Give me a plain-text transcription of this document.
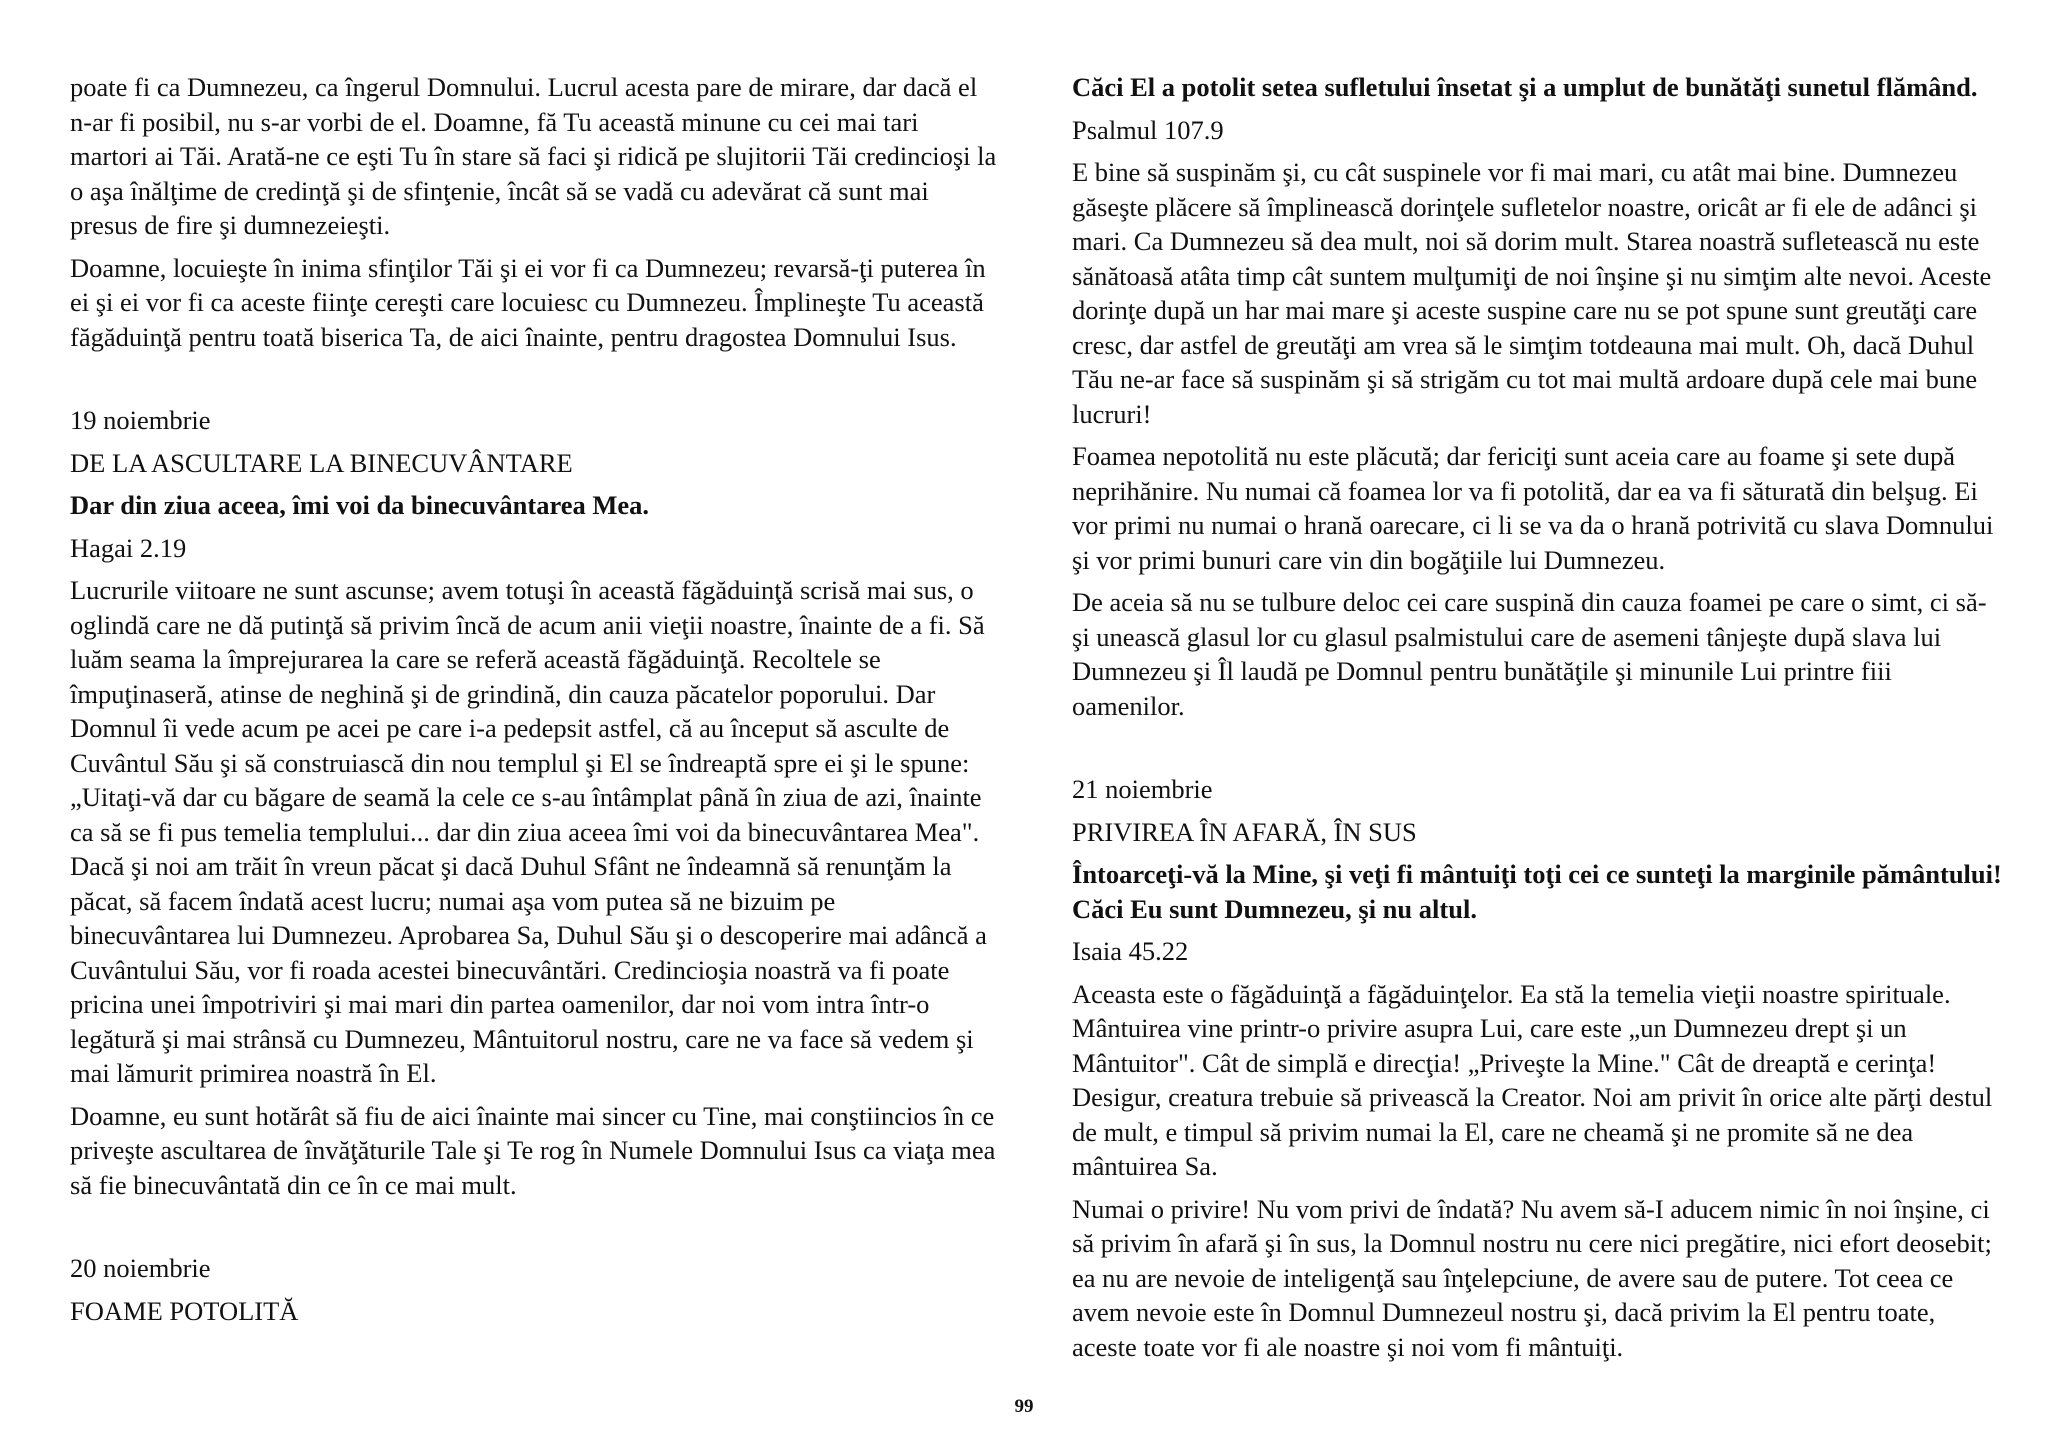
poate fi ca Dumnezeu, ca îngerul Domnului. Lucrul acesta pare de mirare, dar dacă el n-ar fi posibil, nu s-ar vorbi de el. Doamne, fă Tu această minune cu cei mai tari martori ai Tăi. Arată-ne ce eşti Tu în stare să faci şi ridică pe slujitorii Tăi credincioşi la o aşa înălţime de credinţă şi de sfinţenie, încât să se vadă cu adevărat că sunt mai presus de fire şi dumnezeieşti.

Doamne, locuieşte în inima sfinţilor Tăi şi ei vor fi ca Dumnezeu; revarsă-ţi puterea în ei şi ei vor fi ca aceste fiinţe cereşti care locuiesc cu Dumnezeu. Împlineşte Tu această făgăduinţă pentru toată biserica Ta, de aici înainte, pentru dragostea Domnului Isus.

19 noiembrie
DE LA ASCULTARE LA BINECUVÂNTARE
Dar din ziua aceea, îmi voi da binecuvântarea Mea.
Hagai 2.19

Lucrurile viitoare ne sunt ascunse; avem totuşi în această făgăduinţă scrisă mai sus, o oglindă care ne dă putinţă să privim încă de acum anii vieţii noastre, înainte de a fi. Să luăm seama la împrejurarea la care se referă această făgăduinţă. Recoltele se împuţinaseră, atinse de neghină şi de grindină, din cauza păcatelor poporului. Dar Domnul îi vede acum pe acei pe care i-a pedepsit astfel, că au început să asculte de Cuvântul Său şi să construiască din nou templul şi El se îndreaptă spre ei şi le spune: „Uitaţi-vă dar cu băgare de seamă la cele ce s-au întâmplat până în ziua de azi, înainte ca să se fi pus temelia templului... dar din ziua aceea îmi voi da binecuvântarea Mea". Dacă şi noi am trăit în vreun păcat şi dacă Duhul Sfânt ne îndeamnă să renunţăm la păcat, să facem îndată acest lucru; numai aşa vom putea să ne bizuim pe binecuvântarea lui Dumnezeu. Aprobarea Sa, Duhul Său şi o descoperire mai adâncă a Cuvântului Său, vor fi roada acestei binecuvântări. Credincioşia noastră va fi poate pricina unei împotriviri şi mai mari din partea oamenilor, dar noi vom intra într-o legătură şi mai strânsă cu Dumnezeu, Mântuitorul nostru, care ne va face să vedem şi mai lămurit primirea noastră în El.

Doamne, eu sunt hotărât să fiu de aici înainte mai sincer cu Tine, mai conştiincios în ce priveşte ascultarea de învăţăturile Tale şi Te rog în Numele Domnului Isus ca viaţa mea să fie binecuvântată din ce în ce mai mult.

20 noiembrie
FOAME POTOLITĂ

Căci El a potolit setea sufletului însetat şi a umplut de bunătăţi sunetul flămând.

Psalmul 107.9

E bine să suspinăm şi, cu cât suspinele vor fi mai mari, cu atât mai bine. Dumnezeu găseşte plăcere să împlinească dorinţele sufletelor noastre, oricât ar fi ele de adânci şi mari. Ca Dumnezeu să dea mult, noi să dorim mult. Starea noastră sufletească nu este sănătoasă atâta timp cât suntem mulţumiţi de noi înşine şi nu simţim alte nevoi. Aceste dorinţe după un har mai mare şi aceste suspine care nu se pot spune sunt greutăţi care cresc, dar astfel de greutăţi am vrea să le simţim totdeauna mai mult. Oh, dacă Duhul Tău ne-ar face să suspinăm şi să strigăm cu tot mai multă ardoare după cele mai bune lucruri!

Foamea nepotolită nu este plăcută; dar fericiţi sunt aceia care au foame şi sete după neprihănire. Nu numai că foamea lor va fi potolită, dar ea va fi săturată din belşug. Ei vor primi nu numai o hrană oarecare, ci li se va da o hrană potrivită cu slava Domnului şi vor primi bunuri care vin din bogăţiile lui Dumnezeu.

De aceia să nu se tulbure deloc cei care suspină din cauza foamei pe care o simt, ci să-şi unească glasul lor cu glasul psalmistului care de asemeni tânjeşte după slava lui Dumnezeu şi Îl laudă pe Domnul pentru bunătăţile şi minunile Lui printre fiii oamenilor.

21 noiembrie
PRIVIREA ÎN AFARĂ, ÎN SUS

Întoarceţi-vă la Mine, şi veţi fi mântuiţi toţi cei ce sunteţi la marginile pământului! Căci Eu sunt Dumnezeu, şi nu altul.

Isaia 45.22

Aceasta este o făgăduinţă a făgăduinţelor. Ea stă la temelia vieţii noastre spirituale. Mântuirea vine printr-o privire asupra Lui, care este „un Dumnezeu drept şi un Mântuitor". Cât de simplă e direcţia! „Priveşte la Mine." Cât de dreaptă e cerinţa! Desigur, creatura trebuie să privească la Creator. Noi am privit în orice alte părţi destul de mult, e timpul să privim numai la El, care ne cheamă şi ne promite să ne dea mântuirea Sa.

Numai o privire! Nu vom privi de îndată? Nu avem să-I aducem nimic în noi înşine, ci să privim în afară şi în sus, la Domnul nostru nu cere nici pregătire, nici efort deosebit; ea nu are nevoie de inteligenţă sau înţelepciune, de avere sau de putere. Tot ceea ce avem nevoie este în Domnul Dumnezeul nostru şi, dacă privim la El pentru toate, aceste toate vor fi ale noastre şi noi vom fi mântuiţi.

99
